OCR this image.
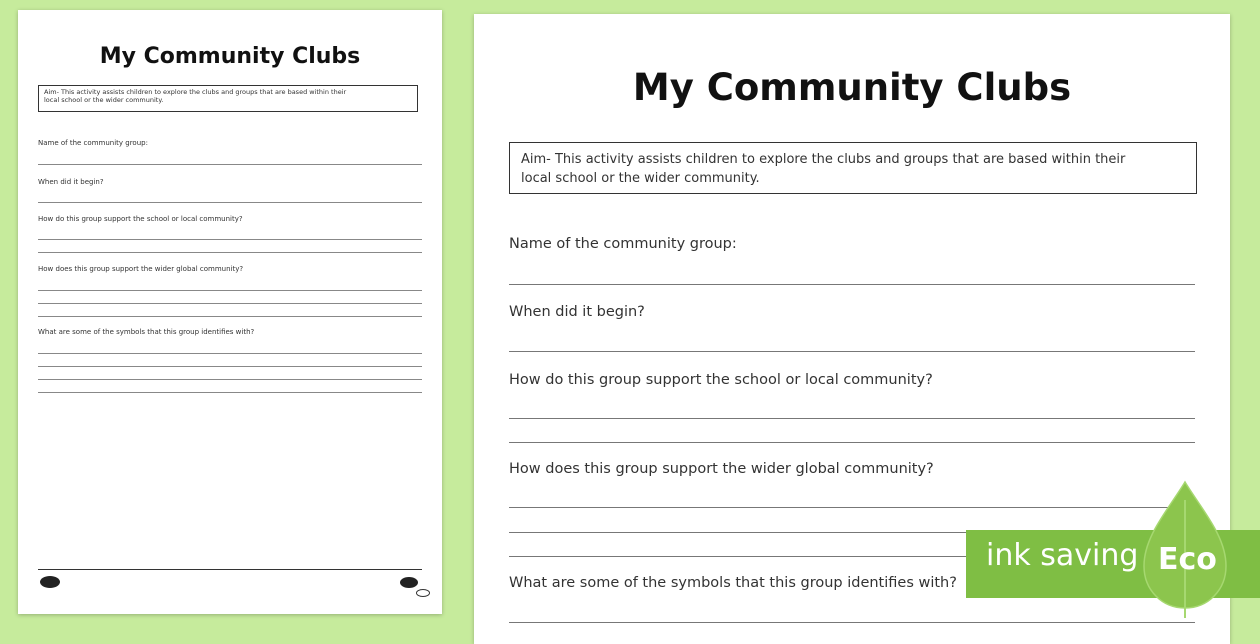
My Community Clubs
Aim- This activity assists children to explore the clubs and groups that are based within their
local school or the wider community.
Name of the community group:
When did it begin?
How do this group support the school or local community?
How does this group support the wider global community?
What are some of the symbols that this group identifies with?
My Community Clubs
Aim- This activity assists children to explore the clubs and groups that are based within their
local school or the wider community.
Name of the community group:
When did it begin?
How do this group support the school or local community?
How does this group support the wider global community?
What are some of the symbols that this group identifies with?
ink saving Eco
